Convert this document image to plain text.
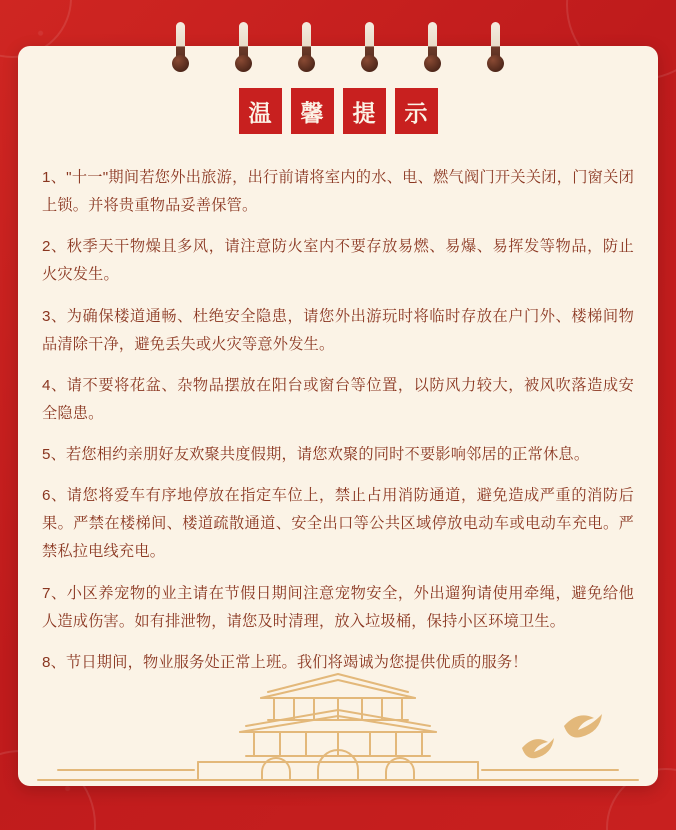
温	馨	提	示

1、"十一"期间若您外出旅游，出行前请将室内的水、电、燃气阀门开关关闭，门窗关闭上锁。并将贵重物品妥善保管。

2、秋季天干物燥且多风，请注意防火室内不要存放易燃、易爆、易挥发等物品，防止火灾发生。

3、为确保楼道通畅、杜绝安全隐患，请您外出游玩时将临时存放在户门外、楼梯间物品清除干净，避免丢失或火灾等意外发生。

4、请不要将花盆、杂物品摆放在阳台或窗台等位置，以防风力较大，被风吹落造成安全隐患。

5、若您相约亲朋好友欢聚共度假期，请您欢聚的同时不要影响邻居的正常休息。

6、请您将爱车有序地停放在指定车位上，禁止占用消防通道，避免造成严重的消防后果。严禁在楼梯间、楼道疏散通道、安全出口等公共区域停放电动车或电动车充电。严禁私拉电线充电。

7、小区养宠物的业主请在节假日期间注意宠物安全，外出遛狗请使用牵绳，避免给他人造成伤害。如有排泄物，请您及时清理，放入垃圾桶，保持小区环境卫生。

8、节日期间，物业服务处正常上班。我们将竭诚为您提供优质的服务！
